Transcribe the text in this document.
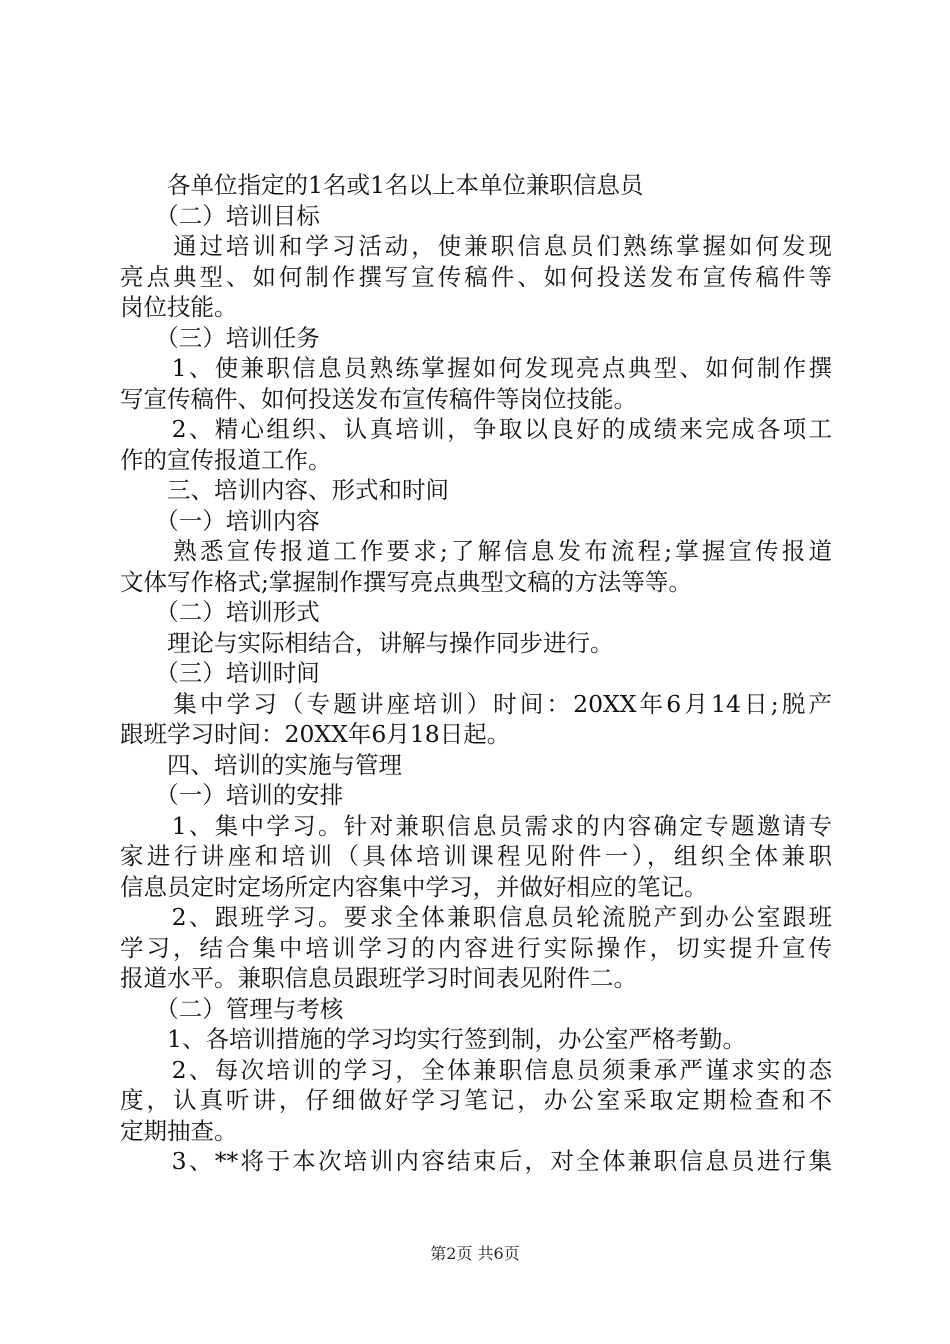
　　各单位指定的1名或1名以上本单位兼职信息员
　　（二）培训目标
　　通过培训和学习活动，使兼职信息员们熟练掌握如何发现
亮点典型、如何制作撰写宣传稿件、如何投送发布宣传稿件等
岗位技能。
　　（三）培训任务
　　1、使兼职信息员熟练掌握如何发现亮点典型、如何制作撰
写宣传稿件、如何投送发布宣传稿件等岗位技能。
　　2、精心组织、认真培训，争取以良好的成绩来完成各项工
作的宣传报道工作。
　　三、培训内容、形式和时间
　　（一）培训内容
　　熟悉宣传报道工作要求;了解信息发布流程;掌握宣传报道
文体写作格式;掌握制作撰写亮点典型文稿的方法等等。
　　（二）培训形式
　　理论与实际相结合，讲解与操作同步进行。
　　（三）培训时间
　　集中学习（专题讲座培训）时间：20XX年6月14日;脱产
跟班学习时间：20XX年6月18日起。
　　四、培训的实施与管理
　　（一）培训的安排
　　1、集中学习。针对兼职信息员需求的内容确定专题邀请专
家进行讲座和培训（具体培训课程见附件一），组织全体兼职
信息员定时定场所定内容集中学习，并做好相应的笔记。
　　2、跟班学习。要求全体兼职信息员轮流脱产到办公室跟班
学习，结合集中培训学习的内容进行实际操作，切实提升宣传
报道水平。兼职信息员跟班学习时间表见附件二。
　　（二）管理与考核
　　1、各培训措施的学习均实行签到制，办公室严格考勤。
　　2、每次培训的学习，全体兼职信息员须秉承严谨求实的态
度，认真听讲，仔细做好学习笔记，办公室采取定期检查和不
定期抽查。
　　3、**将于本次培训内容结束后，对全体兼职信息员进行集
第2页 共6页
